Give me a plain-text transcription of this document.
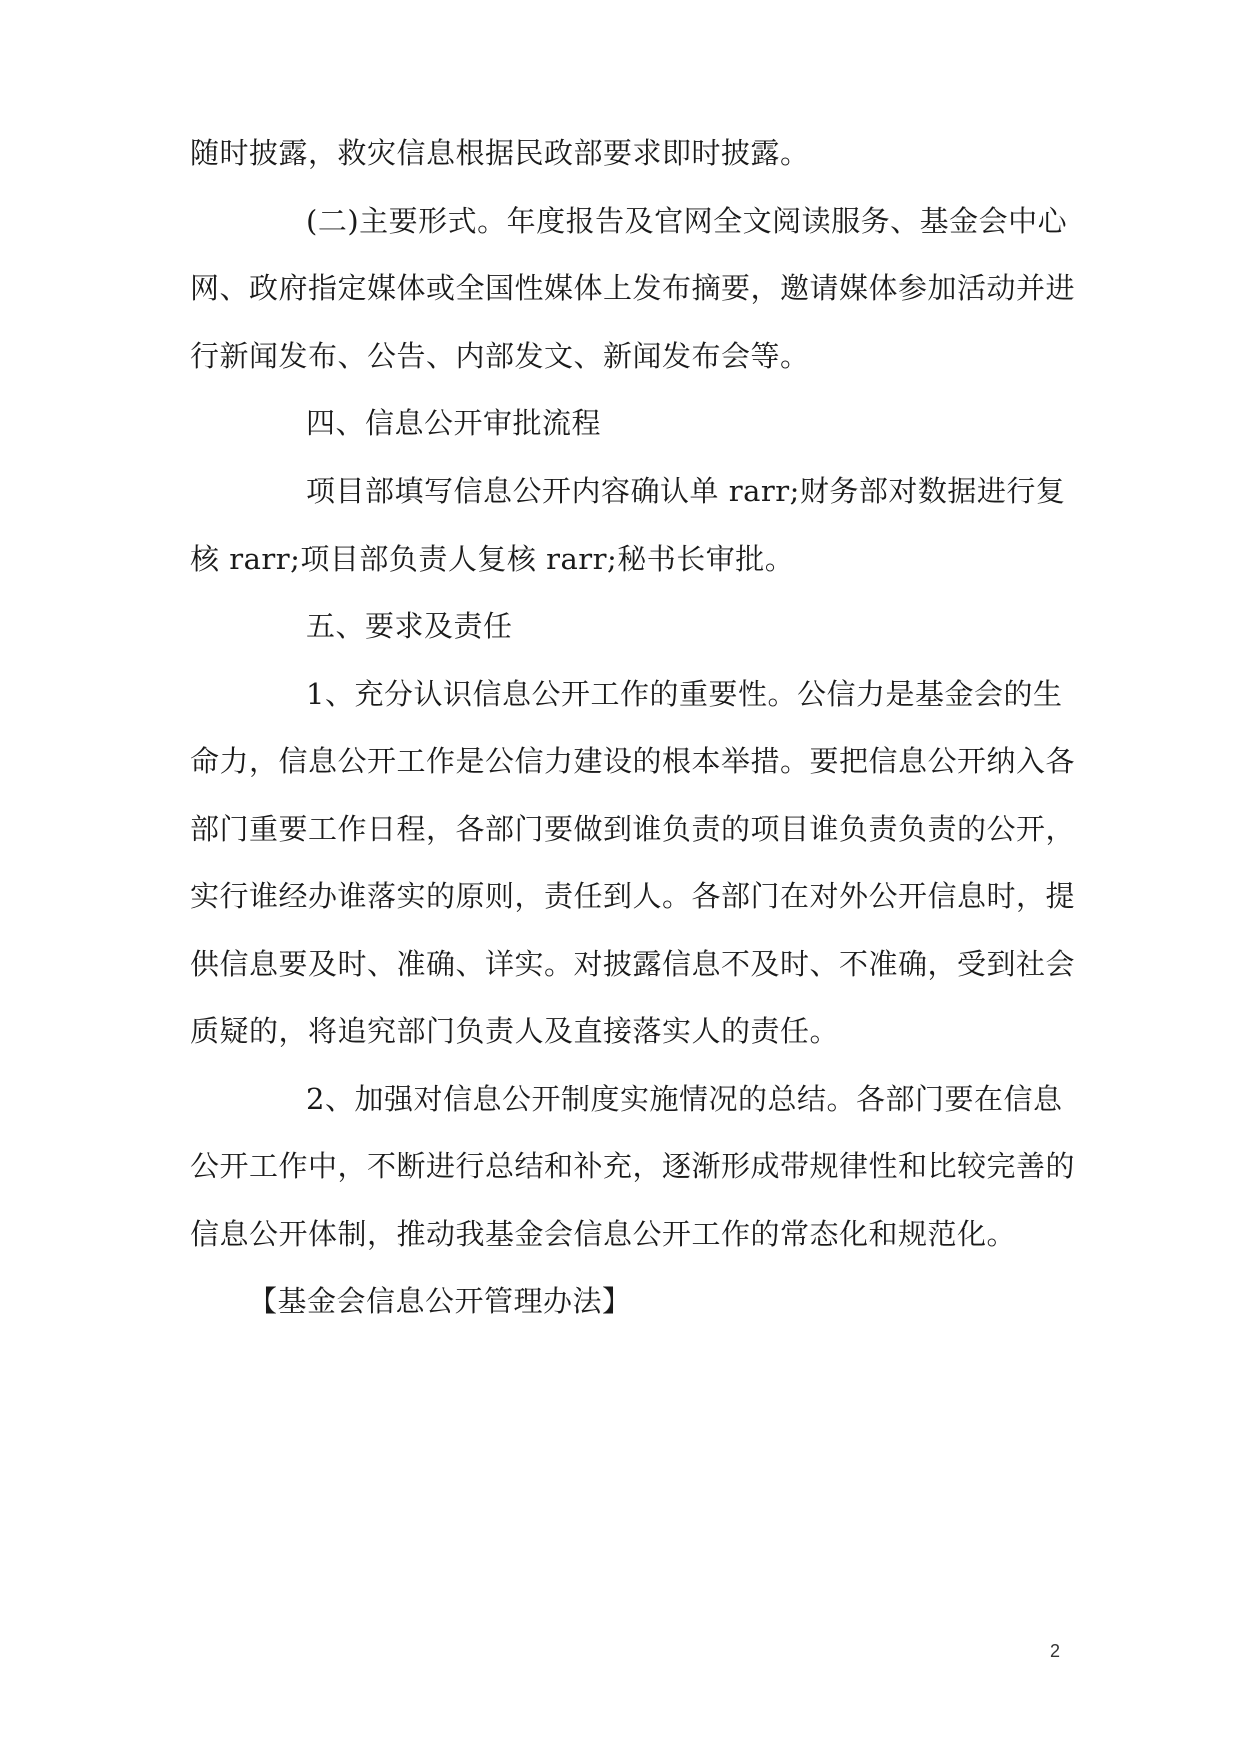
随时披露，救灾信息根据民政部要求即时披露。
(二)主要形式。年度报告及官网全文阅读服务、基金会中心
网、政府指定媒体或全国性媒体上发布摘要，邀请媒体参加活动并进
行新闻发布、公告、内部发文、新闻发布会等。
四、信息公开审批流程
项目部填写信息公开内容确认单 rarr;财务部对数据进行复
核 rarr;项目部负责人复核 rarr;秘书长审批。
五、要求及责任
1、充分认识信息公开工作的重要性。公信力是基金会的生
命力，信息公开工作是公信力建设的根本举措。要把信息公开纳入各
部门重要工作日程，各部门要做到谁负责的项目谁负责负责的公开，
实行谁经办谁落实的原则，责任到人。各部门在对外公开信息时，提
供信息要及时、准确、详实。对披露信息不及时、不准确，受到社会
质疑的，将追究部门负责人及直接落实人的责任。
2、加强对信息公开制度实施情况的总结。各部门要在信息
公开工作中，不断进行总结和补充，逐渐形成带规律性和比较完善的
信息公开体制，推动我基金会信息公开工作的常态化和规范化。
【基金会信息公开管理办法】
2
